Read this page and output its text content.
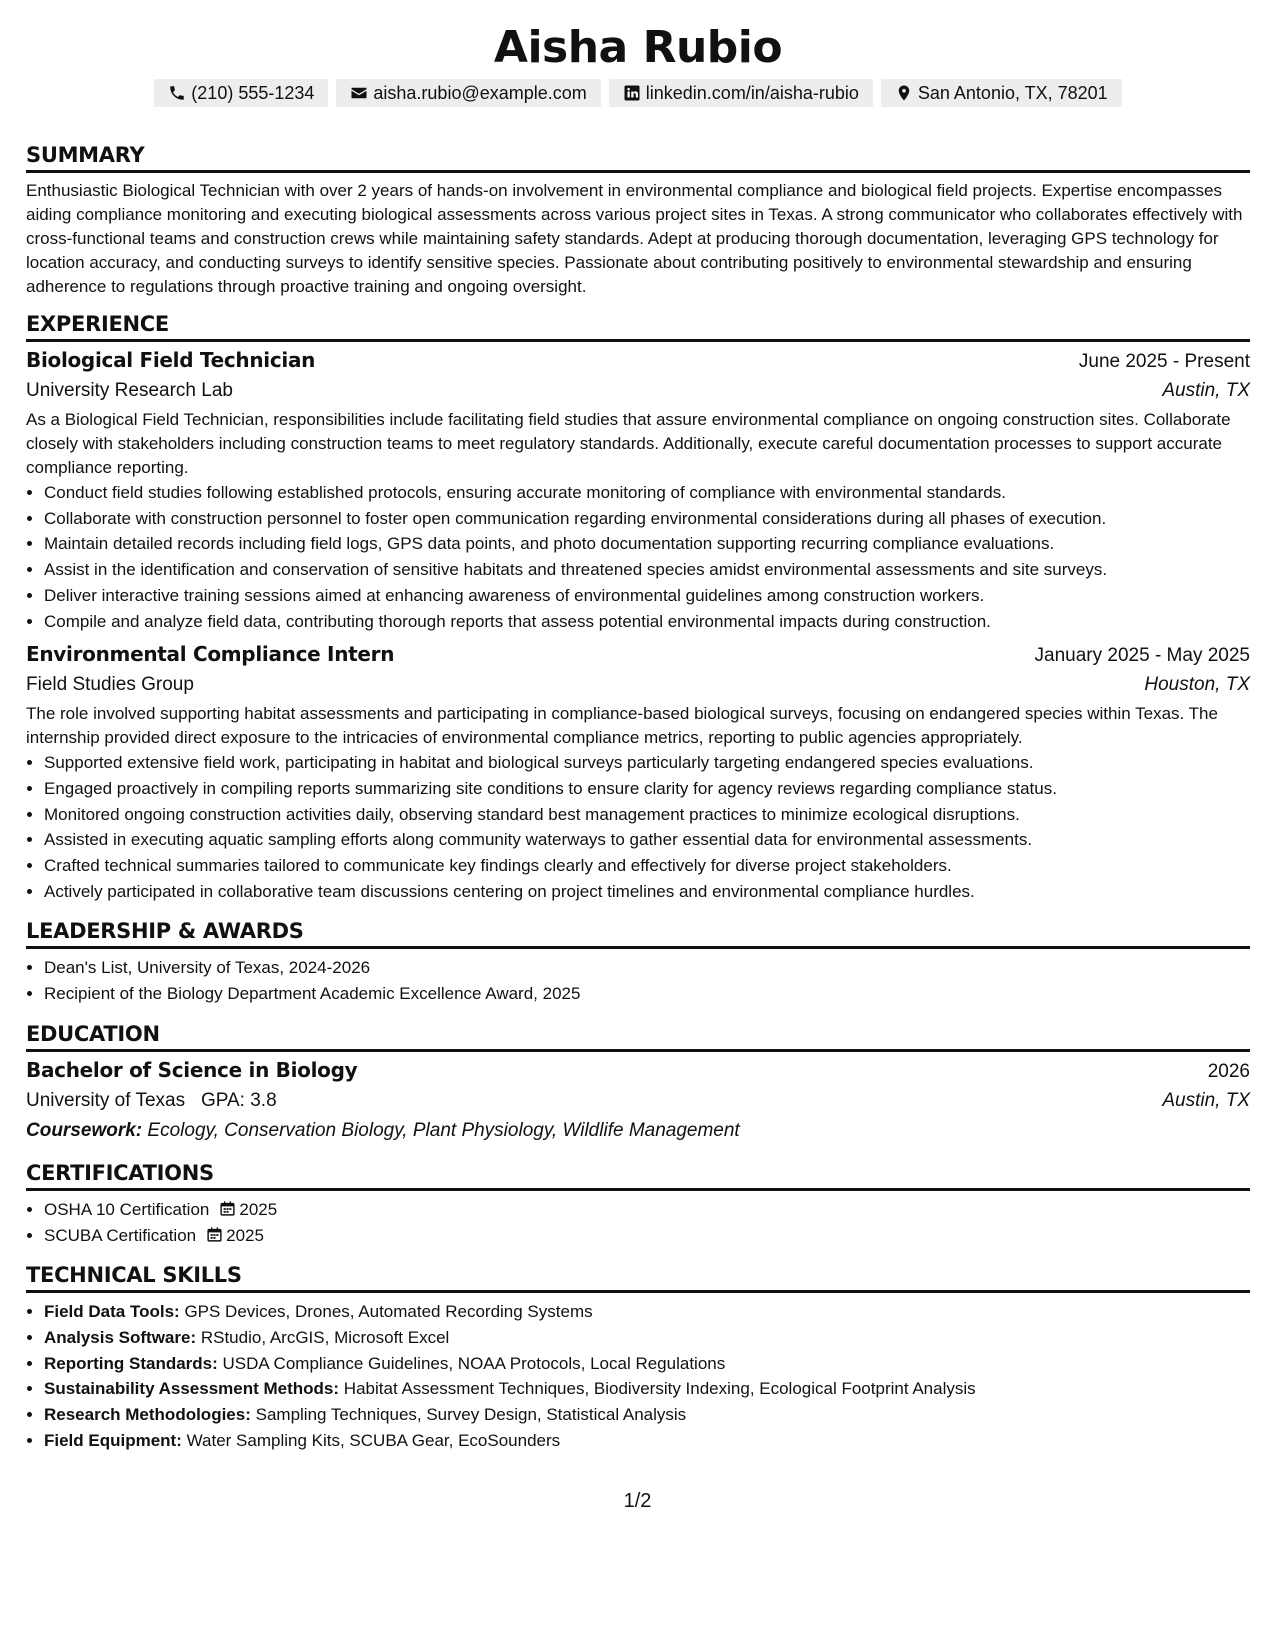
Aisha Rubio
(210) 555-1234	aisha.rubio@example.com	linkedin.com/in/aisha-rubio	San Antonio, TX, 78201
SUMMARY
Enthusiastic Biological Technician with over 2 years of hands-on involvement in environmental compliance and biological field projects. Expertise encompasses aiding compliance monitoring and executing biological assessments across various project sites in Texas. A strong communicator who collaborates effectively with cross-functional teams and construction crews while maintaining safety standards. Adept at producing thorough documentation, leveraging GPS technology for location accuracy, and conducting surveys to identify sensitive species. Passionate about contributing positively to environmental stewardship and ensuring adherence to regulations through proactive training and ongoing oversight.
EXPERIENCE
Biological Field Technician	June 2025 - Present
University Research Lab	Austin, TX
As a Biological Field Technician, responsibilities include facilitating field studies that assure environmental compliance on ongoing construction sites. Collaborate closely with stakeholders including construction teams to meet regulatory standards. Additionally, execute careful documentation processes to support accurate compliance reporting.
• Conduct field studies following established protocols, ensuring accurate monitoring of compliance with environmental standards.
• Collaborate with construction personnel to foster open communication regarding environmental considerations during all phases of execution.
• Maintain detailed records including field logs, GPS data points, and photo documentation supporting recurring compliance evaluations.
• Assist in the identification and conservation of sensitive habitats and threatened species amidst environmental assessments and site surveys.
• Deliver interactive training sessions aimed at enhancing awareness of environmental guidelines among construction workers.
• Compile and analyze field data, contributing thorough reports that assess potential environmental impacts during construction.
Environmental Compliance Intern	January 2025 - May 2025
Field Studies Group	Houston, TX
The role involved supporting habitat assessments and participating in compliance-based biological surveys, focusing on endangered species within Texas. The internship provided direct exposure to the intricacies of environmental compliance metrics, reporting to public agencies appropriately.
• Supported extensive field work, participating in habitat and biological surveys particularly targeting endangered species evaluations.
• Engaged proactively in compiling reports summarizing site conditions to ensure clarity for agency reviews regarding compliance status.
• Monitored ongoing construction activities daily, observing standard best management practices to minimize ecological disruptions.
• Assisted in executing aquatic sampling efforts along community waterways to gather essential data for environmental assessments.
• Crafted technical summaries tailored to communicate key findings clearly and effectively for diverse project stakeholders.
• Actively participated in collaborative team discussions centering on project timelines and environmental compliance hurdles.
LEADERSHIP & AWARDS
• Dean's List, University of Texas, 2024-2026
• Recipient of the Biology Department Academic Excellence Award, 2025
EDUCATION
Bachelor of Science in Biology	2026
University of Texas GPA: 3.8	Austin, TX
Coursework: Ecology, Conservation Biology, Plant Physiology, Wildlife Management
CERTIFICATIONS
• OSHA 10 Certification 2025
• SCUBA Certification 2025
TECHNICAL SKILLS
• Field Data Tools: GPS Devices, Drones, Automated Recording Systems
• Analysis Software: RStudio, ArcGIS, Microsoft Excel
• Reporting Standards: USDA Compliance Guidelines, NOAA Protocols, Local Regulations
• Sustainability Assessment Methods: Habitat Assessment Techniques, Biodiversity Indexing, Ecological Footprint Analysis
• Research Methodologies: Sampling Techniques, Survey Design, Statistical Analysis
• Field Equipment: Water Sampling Kits, SCUBA Gear, EcoSounders
1/2
